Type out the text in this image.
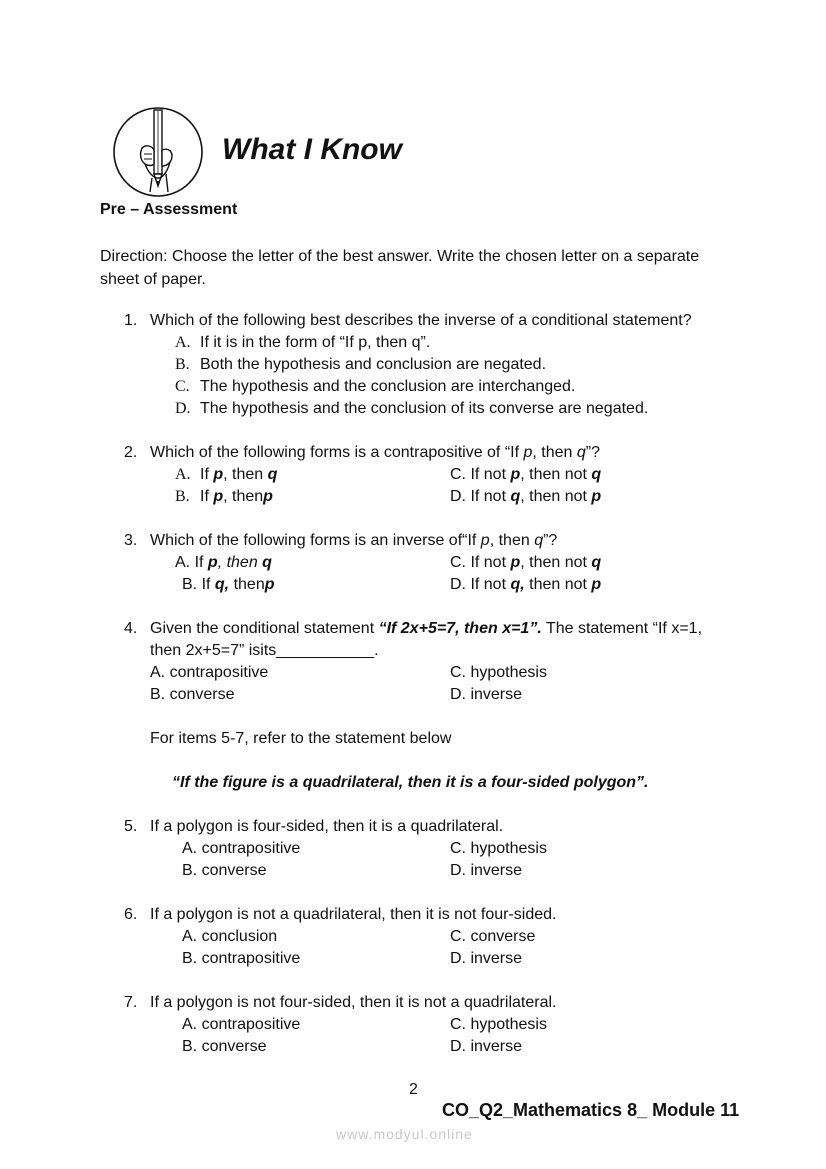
What I Know
Pre – Assessment
Direction: Choose the letter of the best answer. Write the chosen letter on a separate sheet of paper.
1. Which of the following best describes the inverse of a conditional statement?
A. If it is in the form of “If p, then q”.
B. Both the hypothesis and conclusion are negated.
C. The hypothesis and the conclusion are interchanged.
D. The hypothesis and the conclusion of its converse are negated.
2. Which of the following forms is a contrapositive of “If p, then q”?
A. If p, then q
B. If p, thenp
C. If not p, then not q
D. If not q, then not p
3. Which of the following forms is an inverse of“If p, then q”?
A. If p, then q
B. If q, thenp
C. If not p, then not q
D. If not q, then not p
4. Given the conditional statement “If 2x+5=7, then x=1”. The statement “If x=1,
then 2x+5=7” isits___________.
A. contrapositive
B. converse
C. hypothesis
D. inverse
For items 5-7, refer to the statement below
“If the figure is a quadrilateral, then it is a four-sided polygon”.
5. If a polygon is four-sided, then it is a quadrilateral.
A. contrapositive
B. converse
C. hypothesis
D. inverse
6. If a polygon is not a quadrilateral, then it is not four-sided.
A. conclusion
B. contrapositive
C. converse
D. inverse
7. If a polygon is not four-sided, then it is not a quadrilateral.
A. contrapositive
B. converse
C. hypothesis
D. inverse
2
CO_Q2_Mathematics 8_ Module 11
www.modyul.online
